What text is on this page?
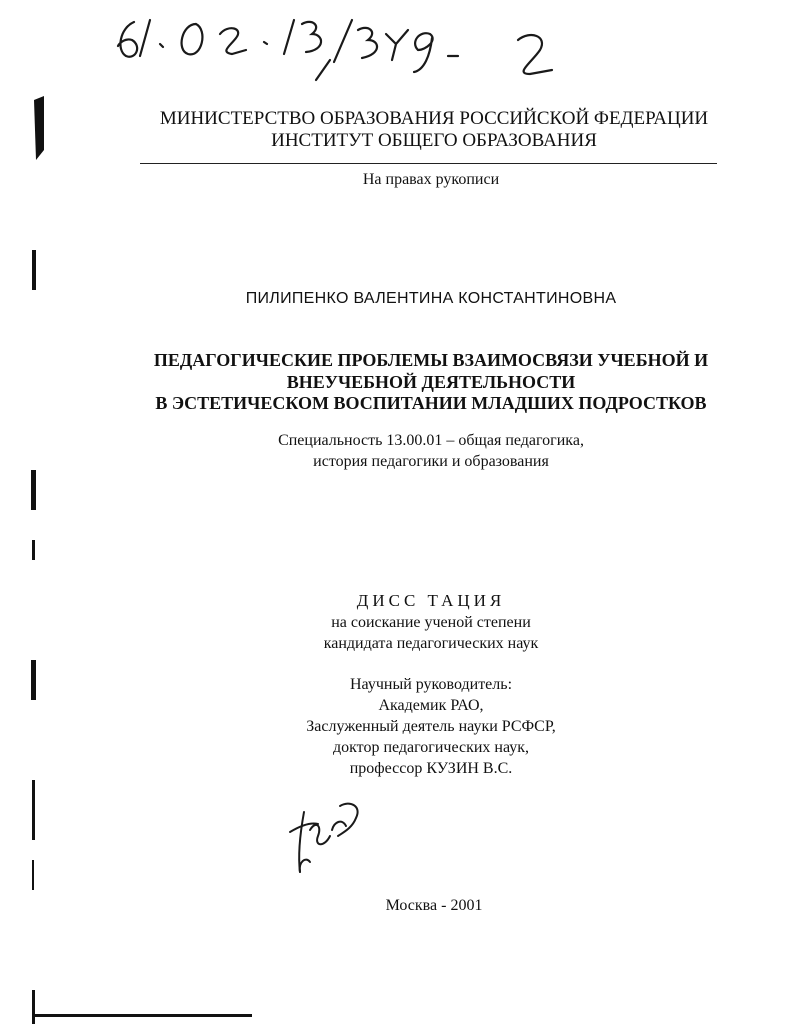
МИНИСТЕРСТВО ОБРАЗОВАНИЯ РОССИЙСКОЙ ФЕДЕРАЦИИ
ИНСТИТУТ ОБЩЕГО ОБРАЗОВАНИЯ
На правах рукописи
ПИЛИПЕНКО ВАЛЕНТИНА КОНСТАНТИНОВНА
ПЕДАГОГИЧЕСКИЕ ПРОБЛЕМЫ ВЗАИМОСВЯЗИ УЧЕБНОЙ И
ВНЕУЧЕБНОЙ ДЕЯТЕЛЬНОСТИ
В ЭСТЕТИЧЕСКОМ ВОСПИТАНИИ МЛАДШИХ ПОДРОСТКОВ
Специальность 13.00.01 – общая педагогика,
история педагогики и образования
ДИСС ТАЦИЯ
на соискание ученой степени
кандидата педагогических наук
Научный руководитель:
Академик РАО,
Заслуженный деятель науки РСФСР,
доктор педагогических наук,
профессор КУЗИН В.С.
Москва - 2001
